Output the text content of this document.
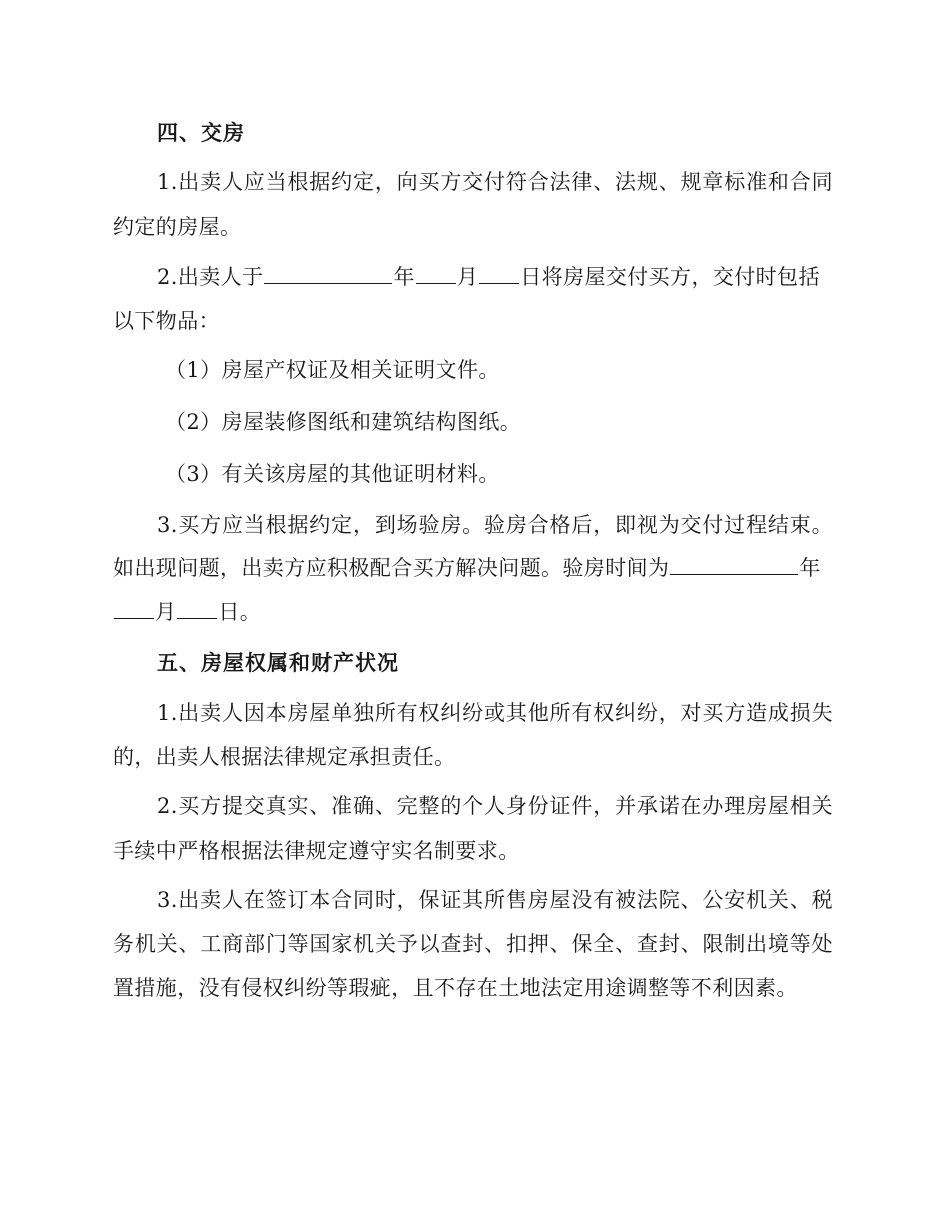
四、交房
1.出卖人应当根据约定，向买方交付符合法律、法规、规章标准和合同
约定的房屋。
2.出卖人于	年 月 日将房屋交付买方，交付时包括
以下物品：
（1）房屋产权证及相关证明文件。
（2）房屋装修图纸和建筑结构图纸。
（3）有关该房屋的其他证明材料。
3.买方应当根据约定，到场验房。验房合格后，即视为交付过程结束。
如出现问题，出卖方应积极配合买方解决问题。验房时间为	年
月 日。
五、房屋权属和财产状况
1.出卖人因本房屋单独所有权纠纷或其他所有权纠纷，对买方造成损失
的，出卖人根据法律规定承担责任。
2.买方提交真实、准确、完整的个人身份证件，并承诺在办理房屋相关
手续中严格根据法律规定遵守实名制要求。
3.出卖人在签订本合同时，保证其所售房屋没有被法院、公安机关、税
务机关、工商部门等国家机关予以查封、扣押、保全、查封、限制出境等处
置措施，没有侵权纠纷等瑕疵，且不存在土地法定用途调整等不利因素。
